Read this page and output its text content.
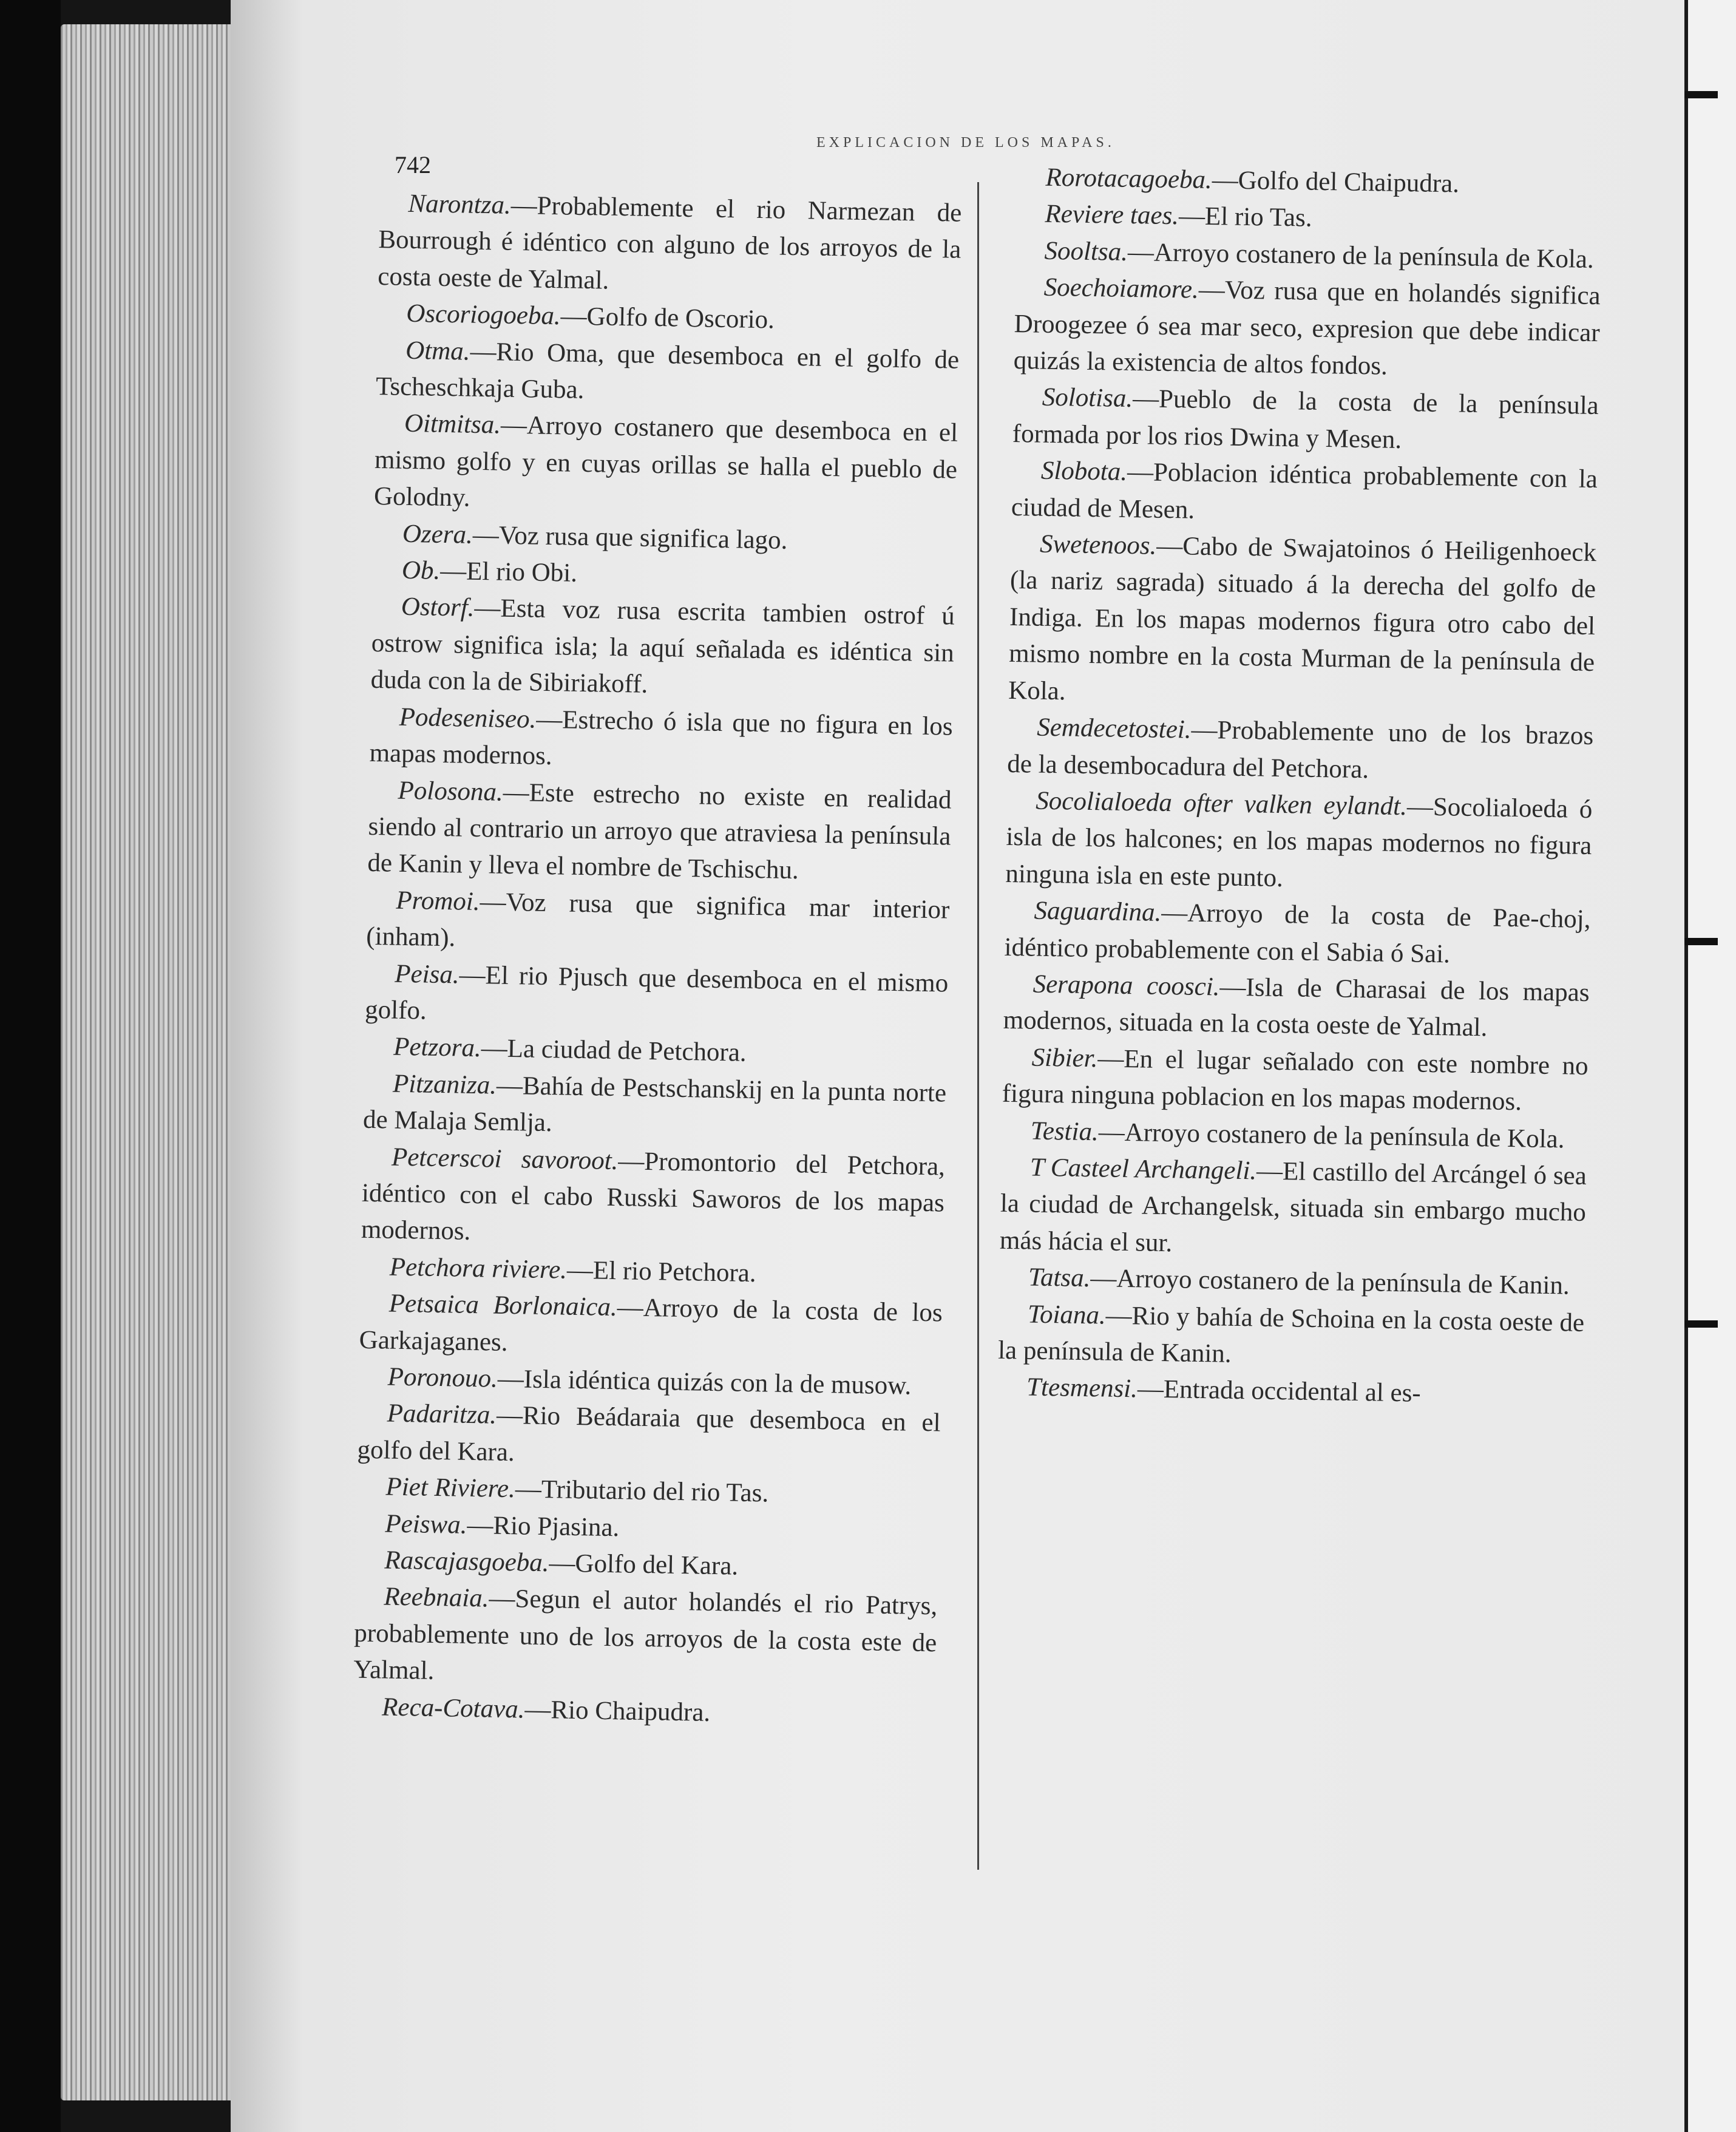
742
EXPLICACION DE LOS MAPAS.

Narontza.—Probablemente el rio Narmezan de Bourrough é idéntico con alguno de los arroyos de la costa oeste de Yalmal.

Oscoriogoeba.—Golfo de Oscorio.

Otma.—Rio Oma, que desemboca en el golfo de Tscheschkaja Guba.

Oitmitsa.—Arroyo costanero que desemboca en el mismo golfo y en cuyas orillas se halla el pueblo de Golodny.

Ozera.—Voz rusa que significa lago.

Ob.—El rio Obi.

Ostorf.—Esta voz rusa escrita tambien ostrof ú ostrow significa isla; la aquí señalada es idéntica sin duda con la de Sibiriakoff.

Podeseniseo.—Estrecho ó isla que no figura en los mapas modernos.

Polosona.—Este estrecho no existe en realidad siendo al contrario un arroyo que atraviesa la península de Kanin y lleva el nombre de Tschischu.

Promoi.—Voz rusa que significa mar interior (inham).

Peisa.—El rio Pjusch que desemboca en el mismo golfo.

Petzora.—La ciudad de Petchora.

Pitzaniza.—Bahía de Pestschanskij en la punta norte de Malaja Semlja.

Petcerscoi savoroot.—Promontorio del Petchora, idéntico con el cabo Russki Saworos de los mapas modernos.

Petchora riviere.—El rio Petchora.

Petsaica Borlonaica.—Arroyo de la costa de los Garkajaganes.

Poronouo.—Isla idéntica quizás con la de musow.

Padaritza.—Rio Beádaraia que desemboca en el golfo del Kara.

Piet Riviere.—Tributario del rio Tas.

Peiswa.—Rio Pjasina.

Rascajasgoeba.—Golfo del Kara.

Reebnaia.—Segun el autor holandés el rio Patrys, probablemente uno de los arroyos de la costa este de Yalmal.

Reca-Cotava.—Rio Chaipudra.

Rorotacagoeba.—Golfo del Chaipudra.

Reviere taes.—El rio Tas.

Sooltsa.—Arroyo costanero de la península de Kola.

Soechoiamore.—Voz rusa que en holandés significa Droogezee ó sea mar seco, expresion que debe indicar quizás la existencia de altos fondos.

Solotisa.—Pueblo de la costa de la península formada por los rios Dwina y Mesen.

Slobota.—Poblacion idéntica probablemente con la ciudad de Mesen.

Swetenoos.—Cabo de Swajatoinos ó Heiligenhoeck (la nariz sagrada) situado á la derecha del golfo de Indiga. En los mapas modernos figura otro cabo del mismo nombre en la costa Murman de la península de Kola.

Semdecetostei.—Probablemente uno de los brazos de la desembocadura del Petchora.

Socolialoeda ofter valken eylandt.—Socolialoeda ó isla de los halcones; en los mapas modernos no figura ninguna isla en este punto.

Saguardina.—Arroyo de la costa de Pae-choj, idéntico probablemente con el Sabia ó Sai.

Serapona coosci.—Isla de Charasai de los mapas modernos, situada en la costa oeste de Yalmal.

Sibier.—En el lugar señalado con este nombre no figura ninguna poblacion en los mapas modernos.

Testia.—Arroyo costanero de la península de Kola.

T Casteel Archangeli.—El castillo del Arcángel ó sea la ciudad de Archangelsk, situada sin embargo mucho más hácia el sur.

Tatsa.—Arroyo costanero de la península de Kanin.

Toiana.—Rio y bahía de Schoina en la costa oeste de la península de Kanin.

Ttesmensi.—Entrada occidental al es-
